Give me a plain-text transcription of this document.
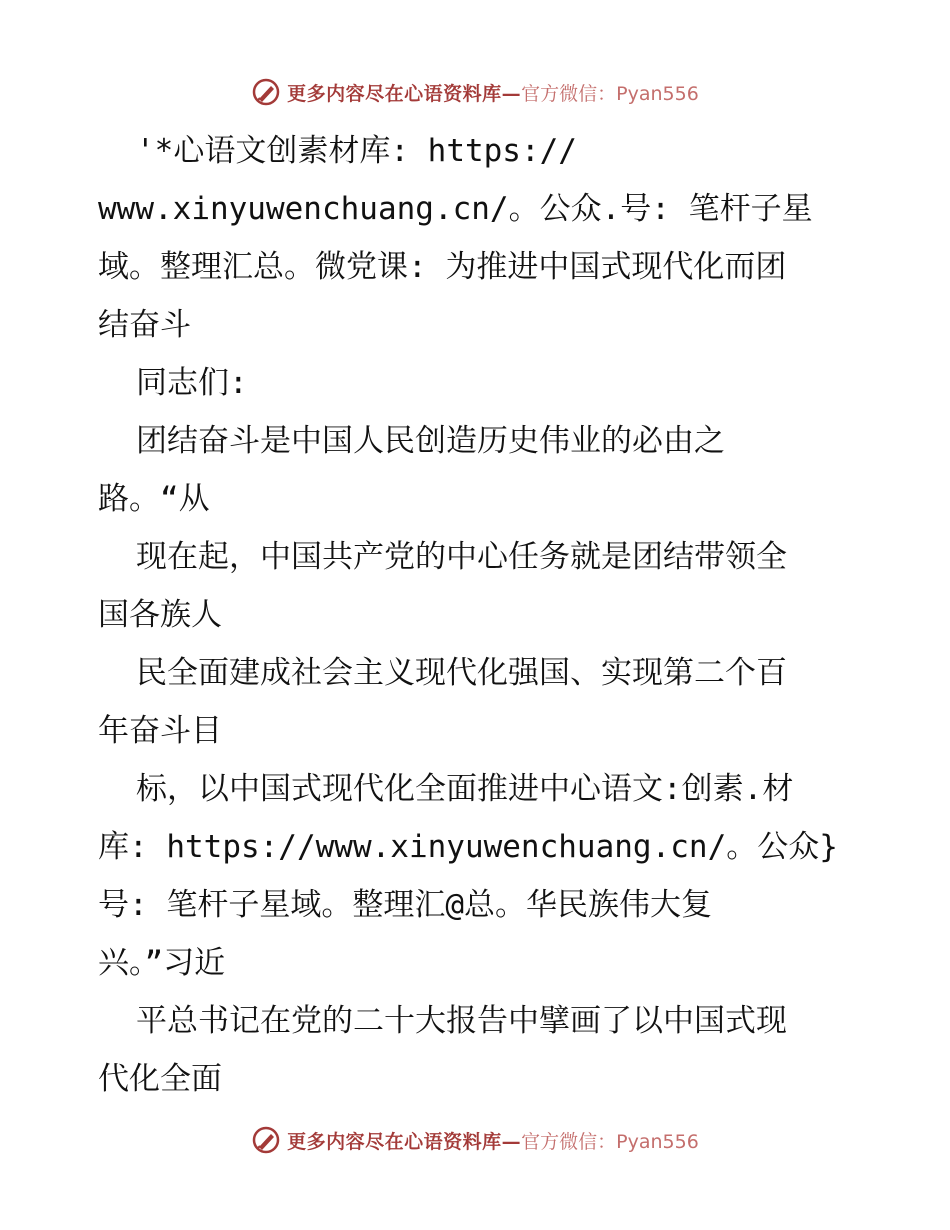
更多内容尽在心语资料库— 官方微信：Pyan556
'*心语文创素材库: https://
www.xinyuwenchuang.cn/。公众.号: 笔杆子星
域。整理汇总。微党课: 为推进中国式现代化而团
结奋斗
同志们:
团结奋斗是中国人民创造历史伟业的必由之
路。“从
现在起，中国共产党的中心任务就是团结带领全
国各族人
民全面建成社会主义现代化强国、实现第二个百
年奋斗目
标，以中国式现代化全面推进中心语文:创素.材
库: https://www.xinyuwenchuang.cn/。公众}
号: 笔杆子星域。整理汇@总。华民族伟大复
兴。”习近
平总书记在党的二十大报告中擘画了以中国式现
代化全面
更多内容尽在心语资料库— 官方微信：Pyan556
